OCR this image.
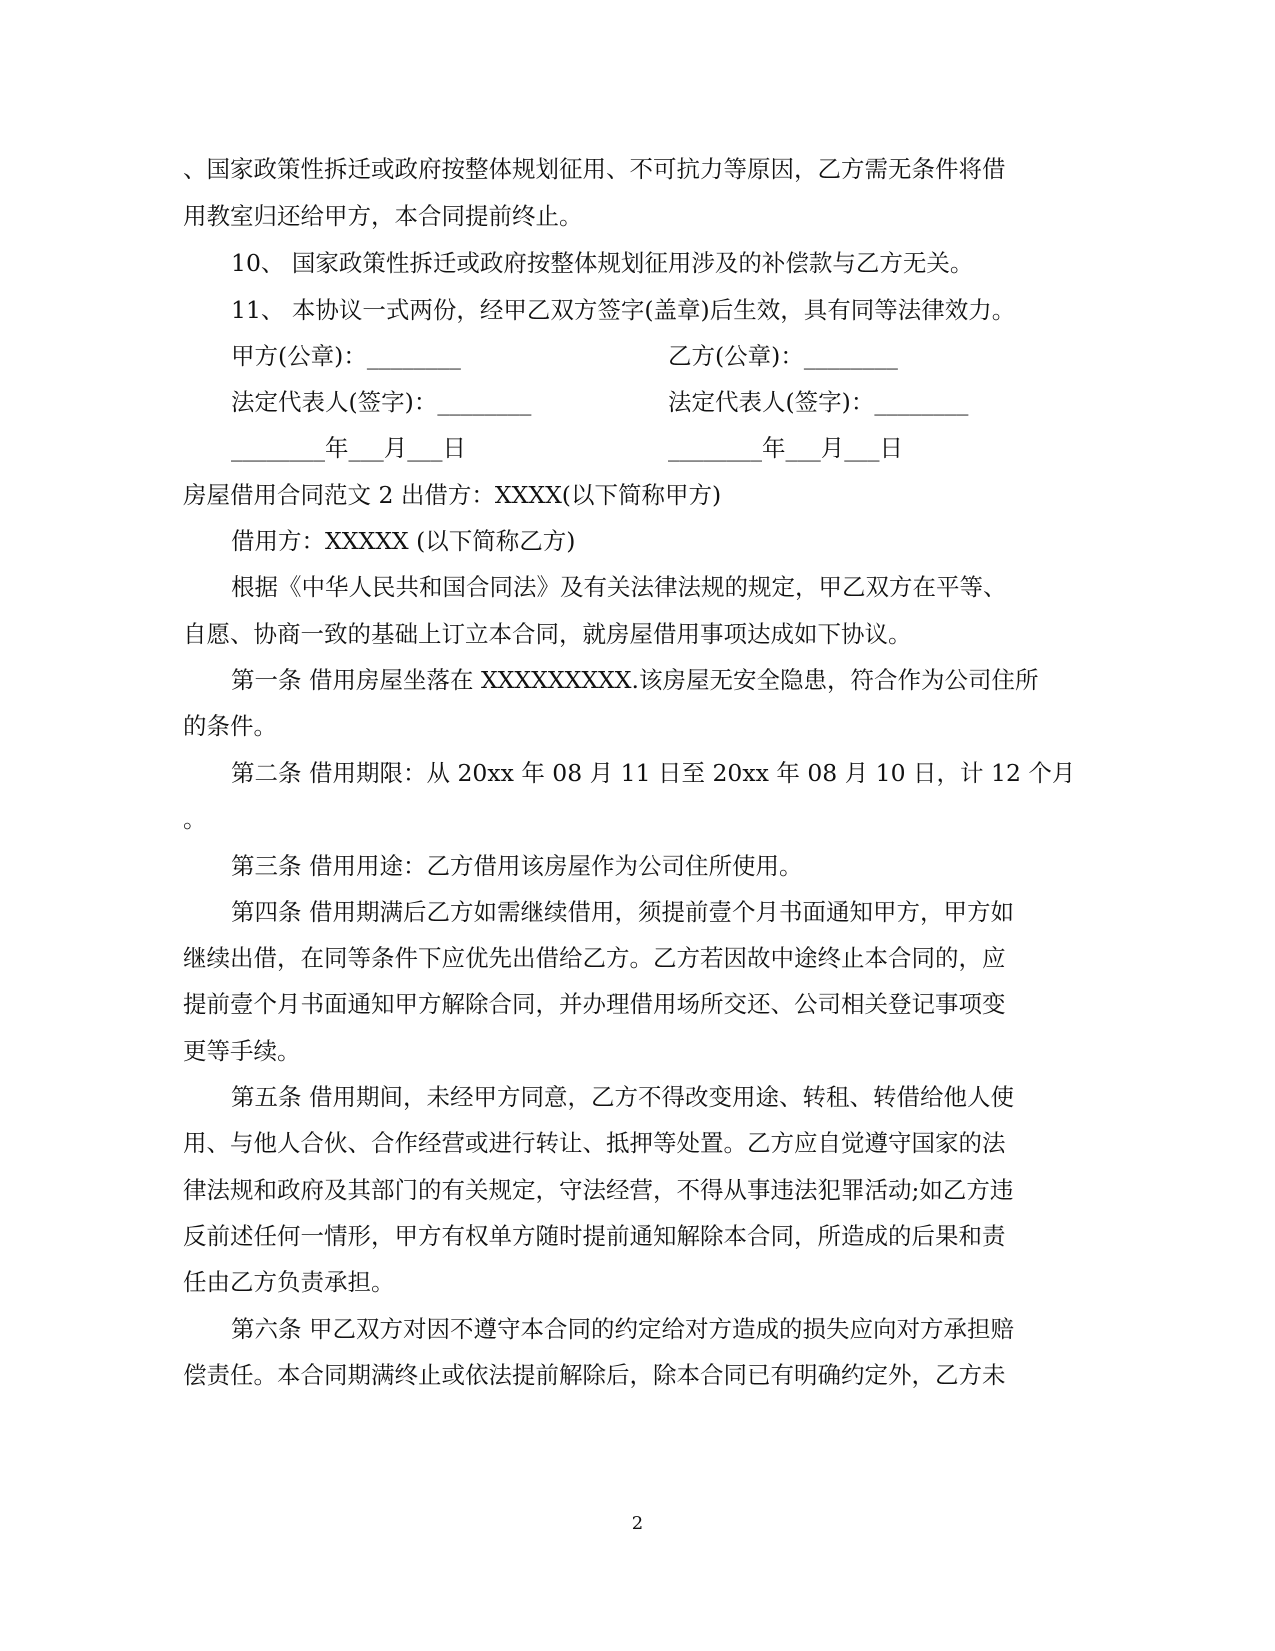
、国家政策性拆迁或政府按整体规划征用、不可抗力等原因，乙方需无条件将借
用教室归还给甲方，本合同提前终止。
10、 国家政策性拆迁或政府按整体规划征用涉及的补偿款与乙方无关。
11、 本协议一式两份，经甲乙双方签字(盖章)后生效，具有同等法律效力。
甲方(公章)：________	乙方(公章)：________
法定代表人(签字)：________	法定代表人(签字)：________
________年___月___日	________年___月___日
房屋借用合同范文 2 出借方：XXXX(以下简称甲方)
借用方：XXXXX (以下简称乙方)
根据《中华人民共和国合同法》及有关法律法规的规定，甲乙双方在平等、
自愿、协商一致的基础上订立本合同，就房屋借用事项达成如下协议。
第一条 借用房屋坐落在 XXXXXXXXX.该房屋无安全隐患，符合作为公司住所
的条件。
第二条 借用期限：从 20xx 年 08 月 11 日至 20xx 年 08 月 10 日，计 12 个月
。
第三条 借用用途：乙方借用该房屋作为公司住所使用。
第四条 借用期满后乙方如需继续借用，须提前壹个月书面通知甲方，甲方如
继续出借，在同等条件下应优先出借给乙方。乙方若因故中途终止本合同的，应
提前壹个月书面通知甲方解除合同，并办理借用场所交还、公司相关登记事项变
更等手续。
第五条 借用期间，未经甲方同意，乙方不得改变用途、转租、转借给他人使
用、与他人合伙、合作经营或进行转让、抵押等处置。乙方应自觉遵守国家的法
律法规和政府及其部门的有关规定，守法经营，不得从事违法犯罪活动;如乙方违
反前述任何一情形，甲方有权单方随时提前通知解除本合同，所造成的后果和责
任由乙方负责承担。
第六条 甲乙双方对因不遵守本合同的约定给对方造成的损失应向对方承担赔
偿责任。本合同期满终止或依法提前解除后，除本合同已有明确约定外，乙方未
2
